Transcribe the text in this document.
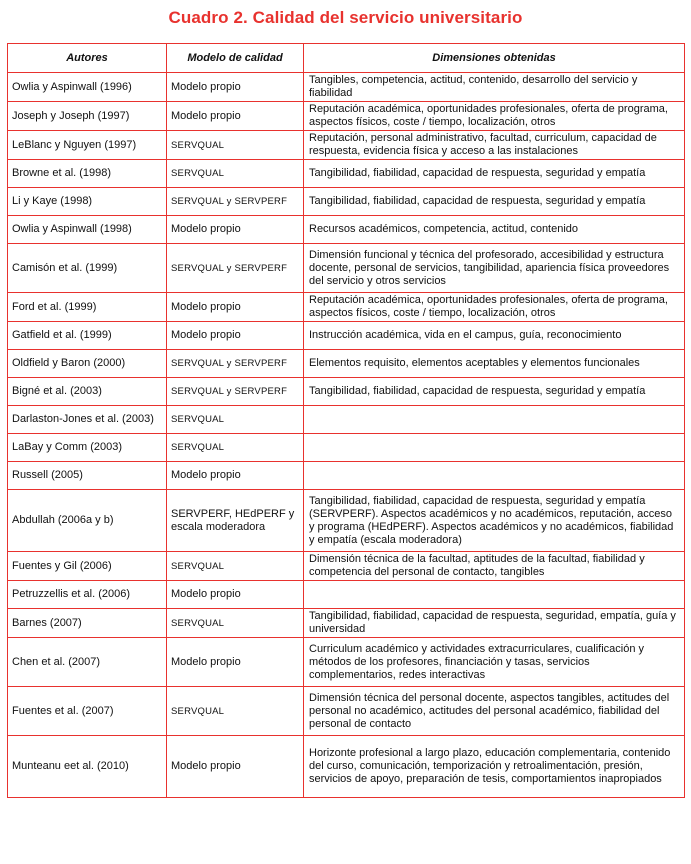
Cuadro 2. Calidad del servicio universitario
Autores	Modelo de calidad	Dimensiones obtenidas
Owlia y Aspinwall (1996)	Modelo propio	Tangibles, competencia, actitud, contenido, desarrollo del servicio y fiabilidad
Joseph y Joseph (1997)	Modelo propio	Reputación académica, oportunidades profesionales, oferta de programa, aspectos físicos, coste / tiempo, localización, otros
LeBlanc y Nguyen (1997)	SERVQUAL	Reputación, personal administrativo, facultad, curriculum, capacidad de respuesta, evidencia física y acceso a las instalaciones
Browne et al. (1998)	SERVQUAL	Tangibilidad, fiabilidad, capacidad de respuesta, seguridad y empatía
Li y Kaye (1998)	SERVQUAL y SERVPERF	Tangibilidad, fiabilidad, capacidad de respuesta, seguridad y empatía
Owlia y Aspinwall (1998)	Modelo propio	Recursos académicos, competencia, actitud, contenido
Camisón et al. (1999)	SERVQUAL y SERVPERF	Dimensión funcional y técnica del profesorado, accesibilidad y estructura docente, personal de servicios, tangibilidad, apariencia física proveedores del servicio y otros servicios
Ford et al. (1999)	Modelo propio	Reputación académica, oportunidades profesionales, oferta de programa, aspectos físicos, coste / tiempo, localización, otros
Gatfield et al. (1999)	Modelo propio	Instrucción académica, vida en el campus, guía, reconocimiento
Oldfield y Baron (2000)	SERVQUAL y SERVPERF	Elementos requisito, elementos aceptables y elementos funcionales
Bigné et al. (2003)	SERVQUAL y SERVPERF	Tangibilidad, fiabilidad, capacidad de respuesta, seguridad y empatía
Darlaston-Jones et al. (2003)	SERVQUAL	
LaBay y Comm (2003)	SERVQUAL	
Russell (2005)	Modelo propio	
Abdullah (2006a y b)	SERVPERF, HEdPERF y escala moderadora	Tangibilidad, fiabilidad, capacidad de respuesta, seguridad y empatía (SERVPERF). Aspectos académicos y no académicos, reputación, acceso y programa (HEdPERF). Aspectos académicos y no académicos, fiabilidad y empatía (escala moderadora)
Fuentes y Gil (2006)	SERVQUAL	Dimensión técnica de la facultad, aptitudes de la facultad, fiabilidad y competencia del personal de contacto, tangibles
Petruzzellis et al. (2006)	Modelo propio	
Barnes (2007)	SERVQUAL	Tangibilidad, fiabilidad, capacidad de respuesta, seguridad, empatía, guía y universidad
Chen et al. (2007)	Modelo propio	Curriculum académico y actividades extracurriculares, cualificación y métodos de los profesores, financiación y tasas, servicios complementarios, redes interactivas
Fuentes et al. (2007)	SERVQUAL	Dimensión técnica del personal docente, aspectos tangibles, actitudes del personal no académico, actitudes del personal académico, fiabilidad del personal de contacto
Munteanu eet al. (2010)	Modelo propio	Horizonte profesional a largo plazo, educación complementaria, contenido del curso, comunicación, temporización y retroalimentación, presión, servicios de apoyo, preparación de tesis, comportamientos inapropiados
